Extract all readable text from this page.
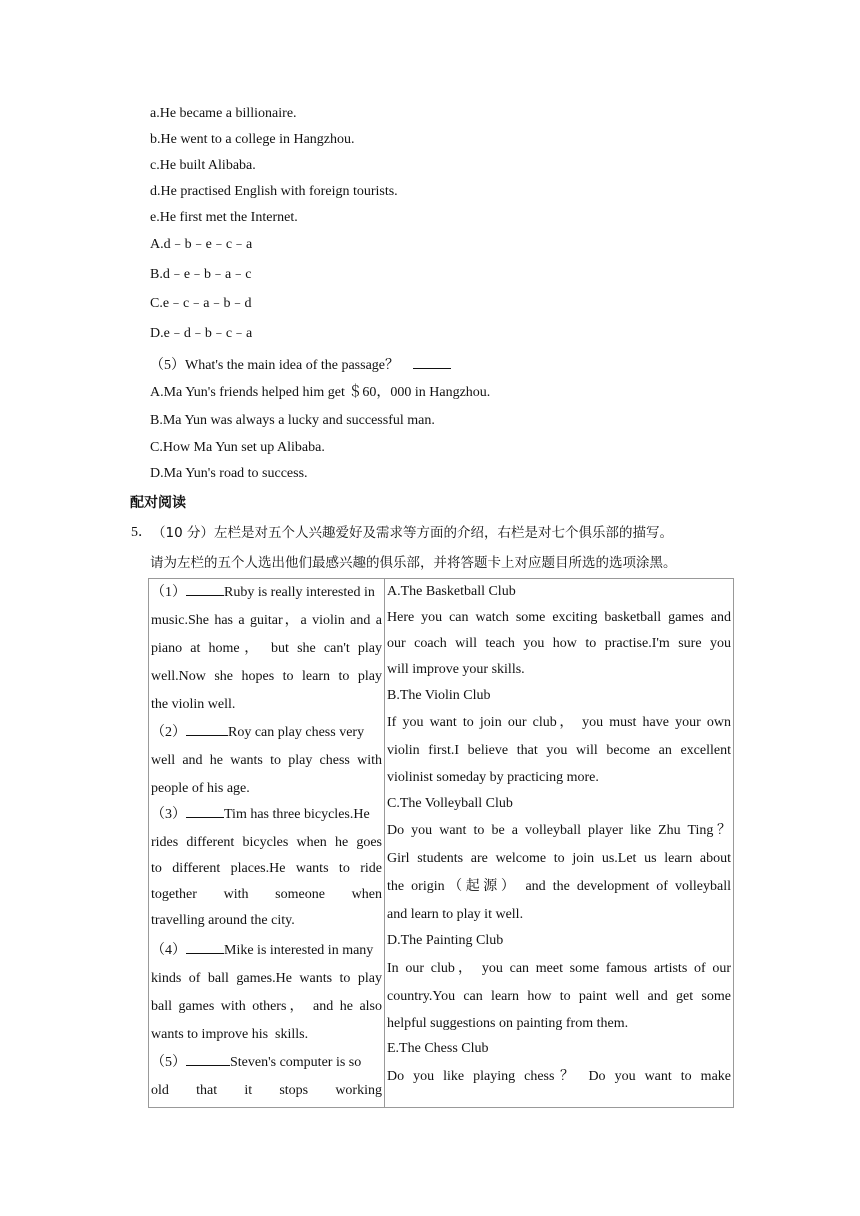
a.He became a billionaire.
b.He went to a college in Hangzhou.
c.He built Alibaba.
d.He practised English with foreign tourists.
e.He first met the Internet.
A.d﹣b﹣e﹣c﹣a
B.d﹣e﹣b﹣a﹣c
C.e﹣c﹣a﹣b﹣d
D.e﹣d﹣b﹣c﹣a
（5）What's the main idea of the passage？
A.Ma Yun's friends helped him get ＄60，000 in Hangzhou.
B.Ma Yun was always a lucky and successful man.
C.How Ma Yun set up Alibaba.
D.Ma Yun's road to success.
配对阅读
5． （10 分）左栏是对五个人兴趣爱好及需求等方面的介绍，右栏是对七个俱乐部的描写。
请为左栏的五个人选出他们最感兴趣的俱乐部，并将答题卡上对应题目所选的选项涂黑。
（1）	Ruby is really interested in
music.She has a guitar，a violin and a
piano at home， but she can't play
well.Now she hopes to learn to play
the violin well.
（2）	Roy can play chess very
well and he wants to play chess with
people of his age.
（3）	Tim has three bicycles.He
rides different bicycles when he goes
to different places.He wants to ride
together with someone when
travelling around the city.
（4）	Mike is interested in many
kinds of ball games.He wants to play
ball games with others， and he also
wants to improve his  skills.
（5）	Steven's computer is so
old that it stops working

A.The Basketball Club
Here you can watch some exciting basketball games and
our coach will teach you how to practise.I'm sure you
will improve your skills.
B.The Violin Club
If you want to join our club， you must have your own
violin first.I believe that you will become an excellent
violinist someday by practicing more.
C.The Volleyball Club
Do you want to be a volleyball player like Zhu Ting？
Girl students are welcome to join us.Let us learn about
the origin（起源） and the development of volleyball
and learn to play it well.
D.The Painting Club
In our club， you can meet some famous artists of our
country.You can learn how to paint well and get some
helpful suggestions on painting from them.
E.The Chess Club
Do you like playing chess？ Do you want to make
